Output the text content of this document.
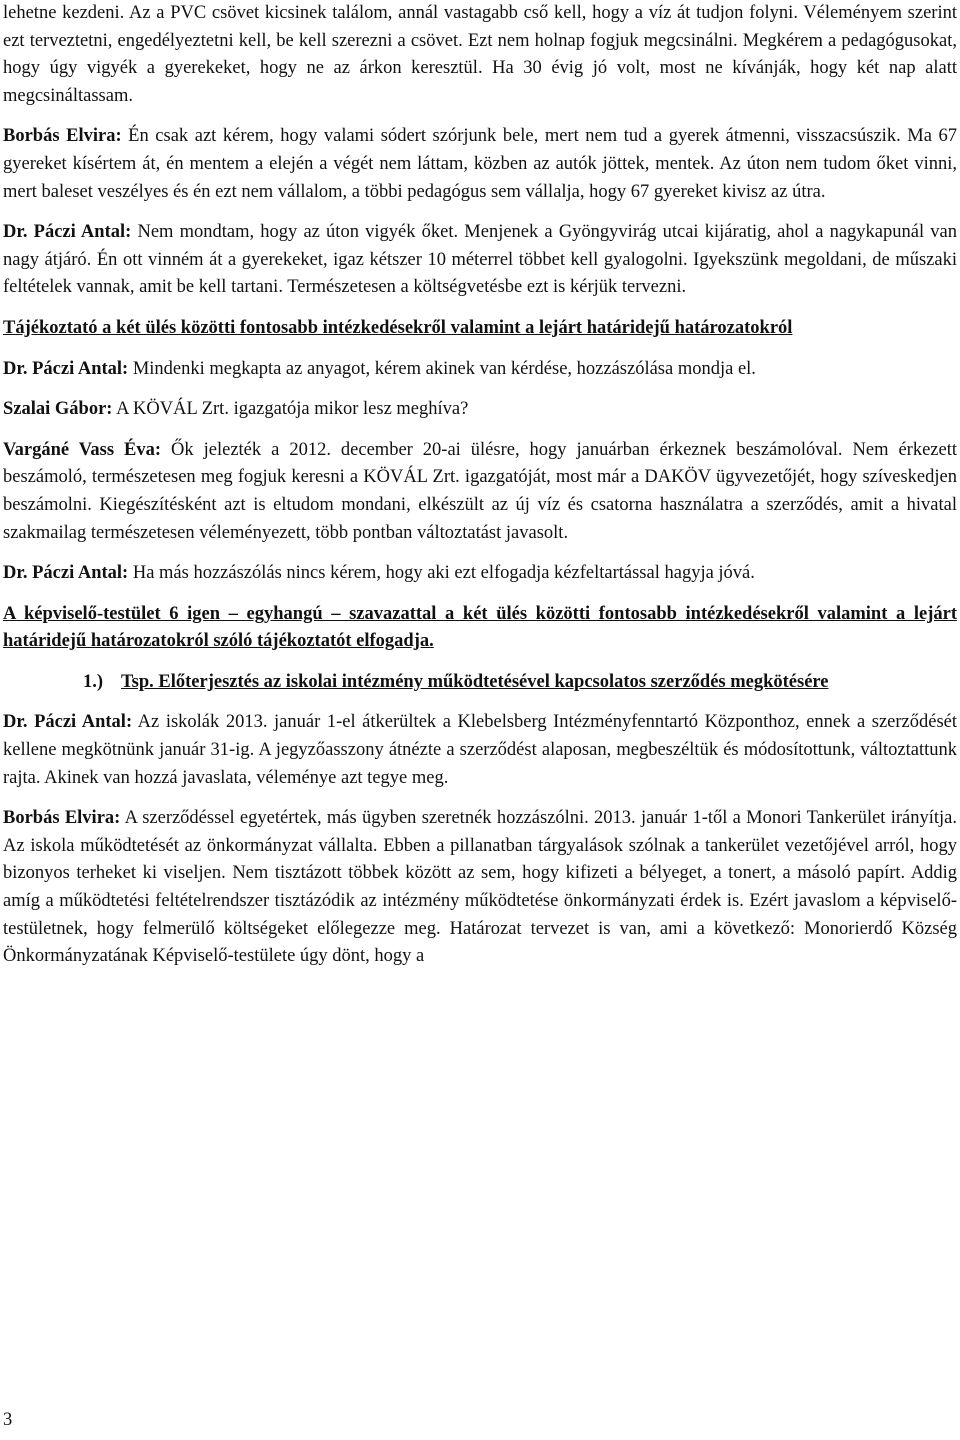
lehetne kezdeni. Az a PVC csövet kicsinek találom, annál vastagabb cső kell, hogy a víz át tudjon folyni. Véleményem szerint ezt terveztetni, engedélyeztetni kell, be kell szerezni a csövet. Ezt nem holnap fogjuk megcsinálni. Megkérem a pedagógusokat, hogy úgy vigyék a gyerekeket, hogy ne az árkon keresztül. Ha 30 évig jó volt, most ne kívánják, hogy két nap alatt megcsináltassam.

Borbás Elvira: Én csak azt kérem, hogy valami sódert szórjunk bele, mert nem tud a gyerek átmenni, visszacsúszik. Ma 67 gyereket kísértem át, én mentem a elején a végét nem láttam, közben az autók jöttek, mentek. Az úton nem tudom őket vinni, mert baleset veszélyes és én ezt nem vállalom, a többi pedagógus sem vállalja, hogy 67 gyereket kivisz az útra.

Dr. Páczi Antal: Nem mondtam, hogy az úton vigyék őket. Menjenek a Gyöngyvirág utcai kijáratig, ahol a nagykapunál van nagy átjáró. Én ott vinném át a gyerekeket, igaz kétszer 10 méterrel többet kell gyalogolni. Igyekszünk megoldani, de műszaki feltételek vannak, amit be kell tartani. Természetesen a költségvetésbe ezt is kérjük tervezni.

Tájékoztató a két ülés közötti fontosabb intézkedésekről valamint a lejárt határidejű határozatokról

Dr. Páczi Antal: Mindenki megkapta az anyagot, kérem akinek van kérdése, hozzászólása mondja el.

Szalai Gábor: A KÖVÁL Zrt. igazgatója mikor lesz meghíva?

Vargáné Vass Éva: Ők jelezték a 2012. december 20-ai ülésre, hogy januárban érkeznek beszámolóval. Nem érkezett beszámoló, természetesen meg fogjuk keresni a KÖVÁL Zrt. igazgatóját, most már a DAKÖV ügyvezetőjét, hogy szíveskedjen beszámolni. Kiegészítésként azt is eltudom mondani, elkészült az új víz és csatorna használatra a szerződés, amit a hivatal szakmailag természetesen véleményezett, több pontban változtatást javasolt.

Dr. Páczi Antal: Ha más hozzászólás nincs kérem, hogy aki ezt elfogadja kézfeltartással hagyja jóvá.

A képviselő-testület 6 igen – egyhangú – szavazattal a két ülés közötti fontosabb intézkedésekről valamint a lejárt határidejű határozatokról szóló tájékoztatót elfogadja.

1.) Tsp. Előterjesztés az iskolai intézmény működtetésével kapcsolatos szerződés megkötésére

Dr. Páczi Antal: Az iskolák 2013. január 1-el átkerültek a Klebelsberg Intézményfenntartó Központhoz, ennek a szerződését kellene megkötnünk január 31-ig. A jegyzőasszony átnézte a szerződést alaposan, megbeszéltük és módosítottunk, változtattunk rajta. Akinek van hozzá javaslata, véleménye azt tegye meg.

Borbás Elvira: A szerződéssel egyetértek, más ügyben szeretnék hozzászólni. 2013. január 1-től a Monori Tankerület irányítja. Az iskola működtetését az önkormányzat vállalta. Ebben a pillanatban tárgyalások szólnak a tankerület vezetőjével arról, hogy bizonyos terheket ki viseljen. Nem tisztázott többek között az sem, hogy kifizeti a bélyeget, a tonert, a másoló papírt. Addig amíg a működtetési feltételrendszer tisztázódik az intézmény működtetése önkormányzati érdek is. Ezért javaslom a képviselő-testületnek, hogy felmerülő költségeket előlegezze meg. Határozat tervezet is van, ami a következő: Monorierdő Község Önkormányzatának Képviselő-testülete úgy dönt, hogy a

3
